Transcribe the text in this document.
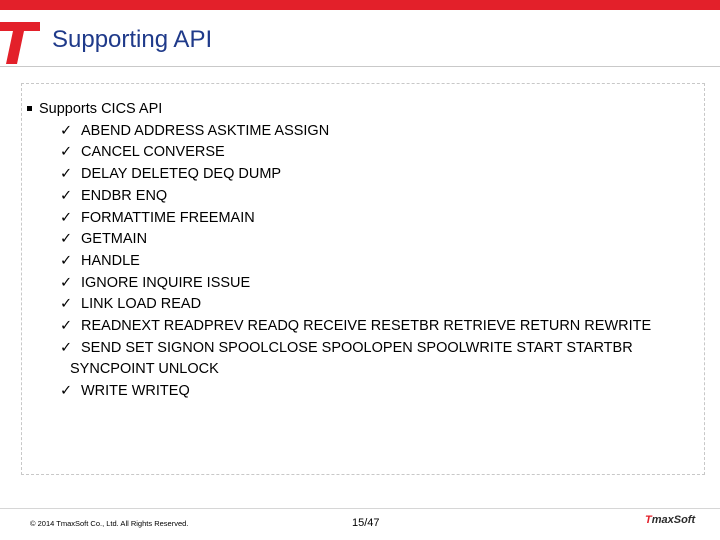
Supporting API
Supports CICS API
✓ ABEND ADDRESS ASKTIME ASSIGN
✓ CANCEL CONVERSE
✓ DELAY DELETEQ DEQ DUMP
✓ ENDBR ENQ
✓ FORMATTIME FREEMAIN
✓ GETMAIN
✓ HANDLE
✓ IGNORE INQUIRE ISSUE
✓ LINK LOAD READ
✓ READNEXT READPREV READQ RECEIVE RESETBR RETRIEVE RETURN REWRITE
✓ SEND SET SIGNON SPOOLCLOSE SPOOLOPEN SPOOLWRITE START STARTBR
SYNCPOINT UNLOCK
✓ WRITE WRITEQ
© 2014 TmaxSoft Co., Ltd. All Rights Reserved.	15/47	TmaxSoft
